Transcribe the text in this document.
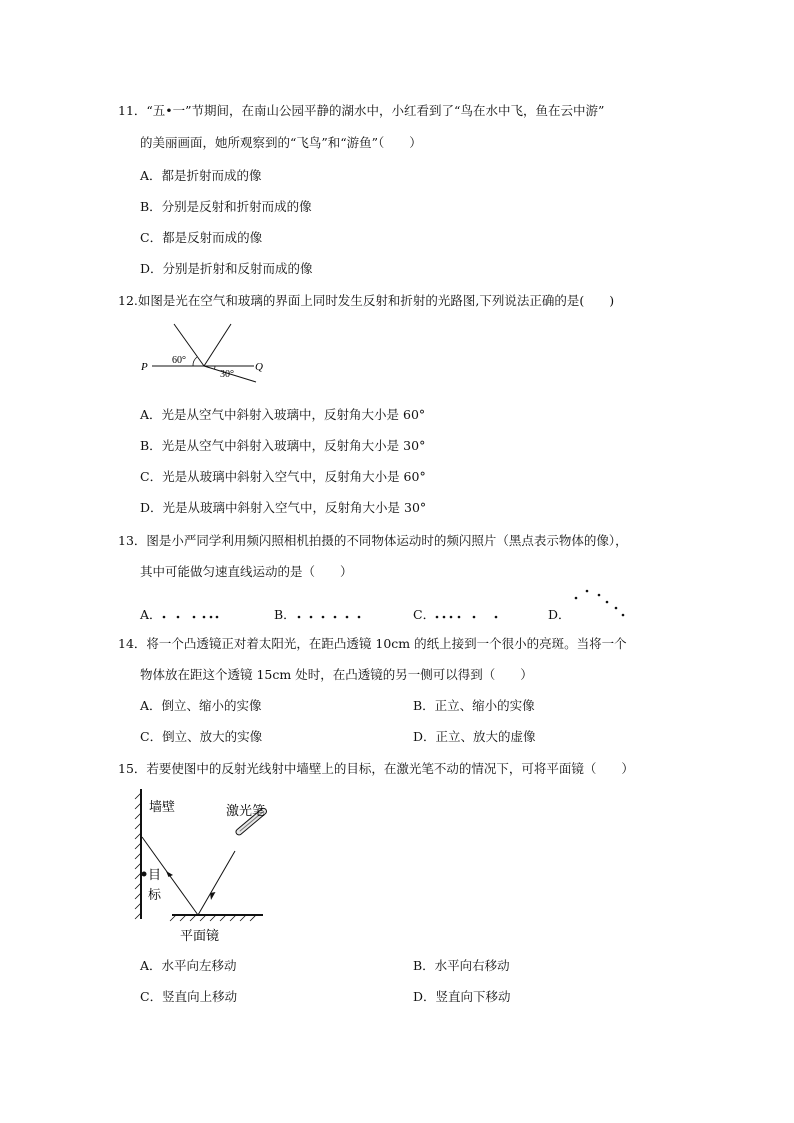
11．“五•一”节期间，在南山公园平静的湖水中，小红看到了“鸟在水中飞，鱼在云中游”
的美丽画面，她所观察到的“飞鸟”和“游鱼”（　　）
A．都是折射而成的像
B．分别是反射和折射而成的像
C．都是反射而成的像
D．分别是折射和反射而成的像
12.如图是光在空气和玻璃的界面上同时发生反射和折射的光路图,下列说法正确的是(　　)
P	Q
60°
30°
A．光是从空气中斜射入玻璃中，反射角大小是 60°
B．光是从空气中斜射入玻璃中，反射角大小是 30°
C．光是从玻璃中斜射入空气中，反射角大小是 60°
D．光是从玻璃中斜射入空气中，反射角大小是 30°
13．图是小严同学利用频闪照相机拍摄的不同物体运动时的频闪照片（黑点表示物体的像），
其中可能做匀速直线运动的是（　　）
A．	B．	C．	D．
14．将一个凸透镜正对着太阳光，在距凸透镜 10cm 的纸上接到一个很小的亮斑。当将一个
物体放在距这个透镜 15cm 处时，在凸透镜的另一侧可以得到（　　）
A．倒立、缩小的实像	B．正立、缩小的实像
C．倒立、放大的实像	D．正立、放大的虚像
15．若要使图中的反射光线射中墙壁上的目标，在激光笔不动的情况下，可将平面镜（　　）
墙壁	激光笔
目
标
平面镜
A．水平向左移动	B．水平向右移动
C．竖直向上移动	D．竖直向下移动
